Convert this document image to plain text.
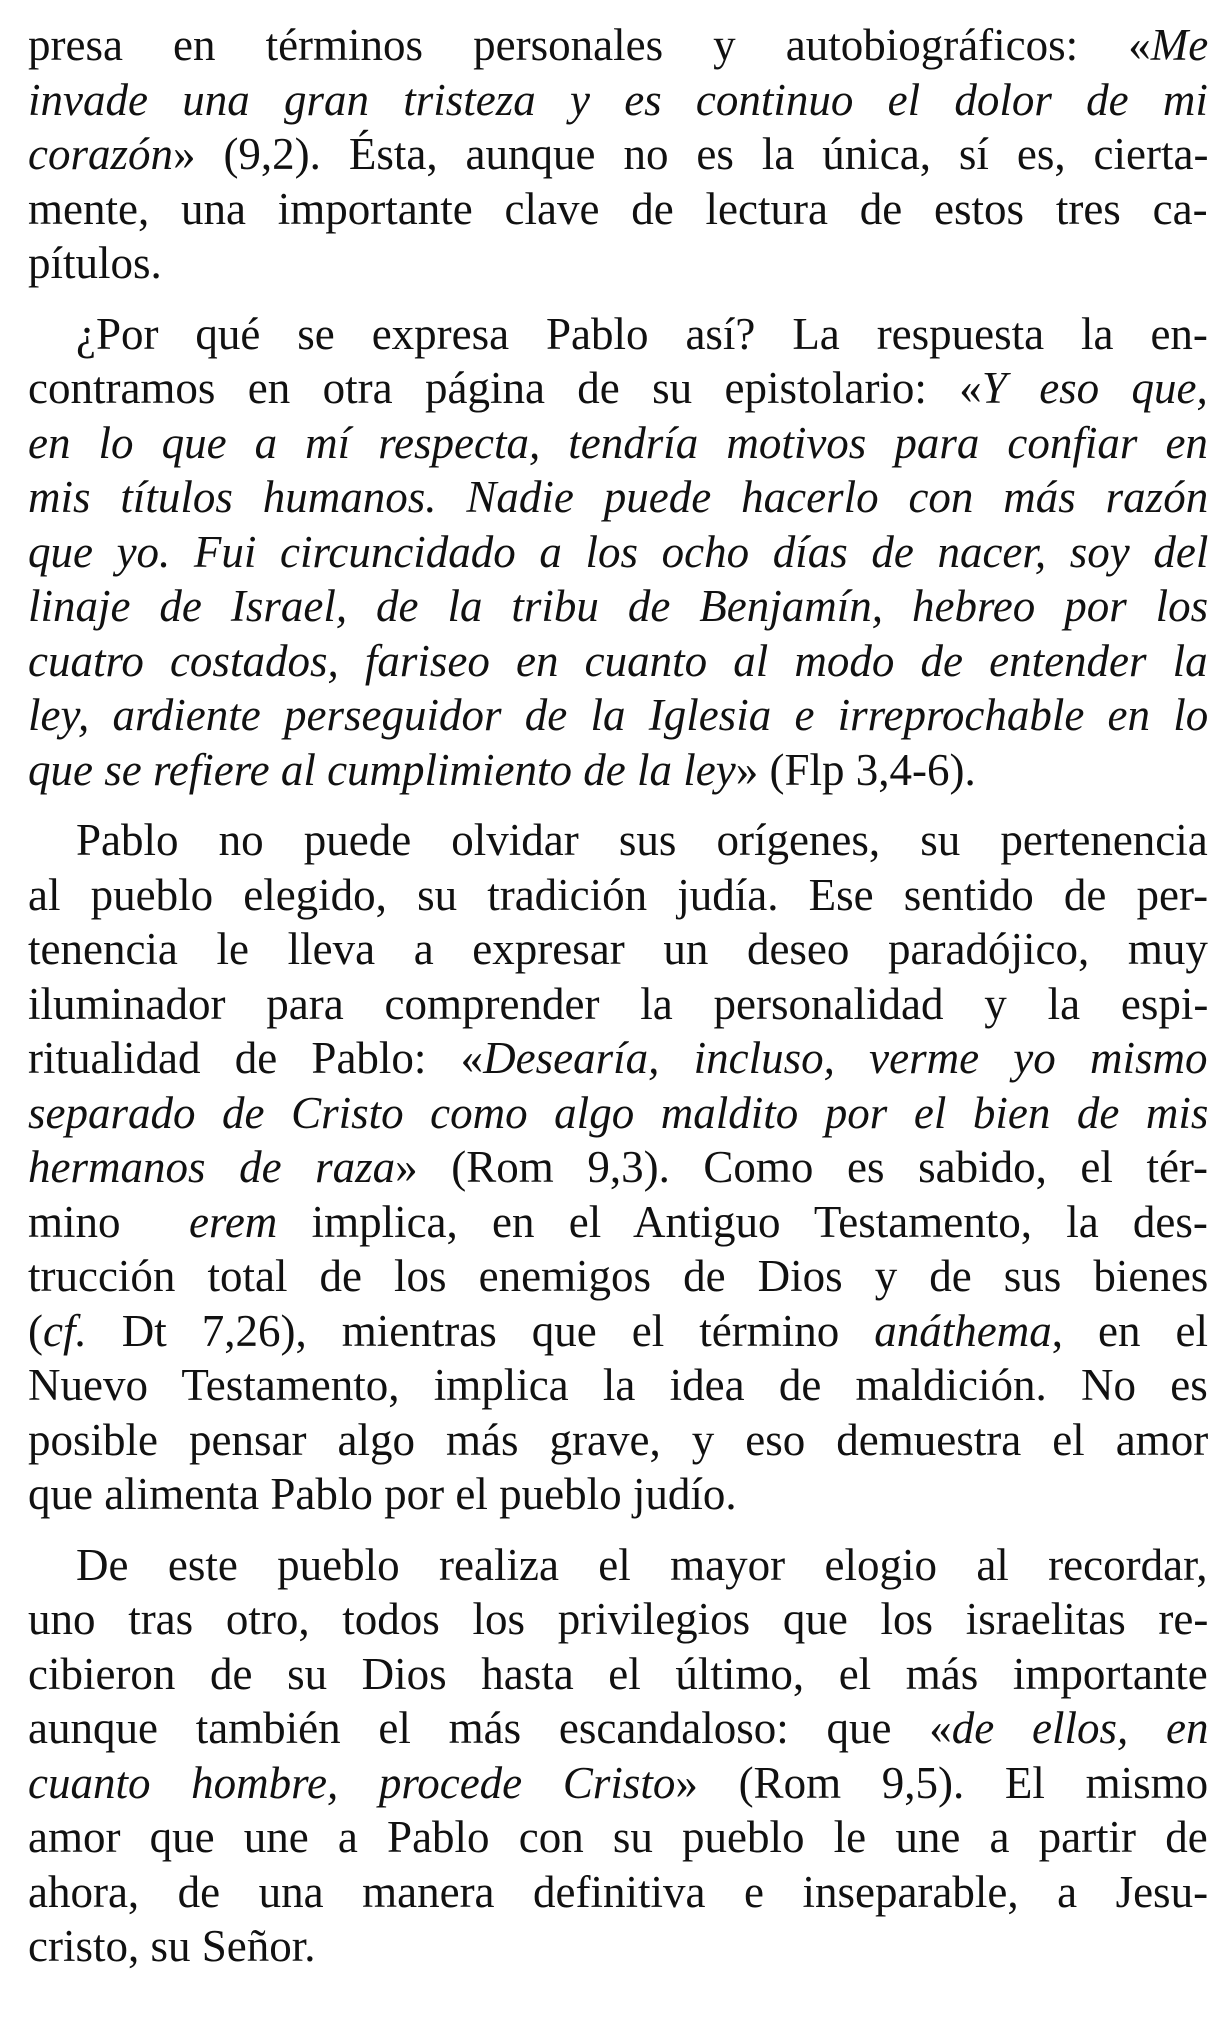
presa en términos personales y autobiográficos: «Me
invade una gran tristeza y es continuo el dolor de mi
corazón» (9,2). Ésta, aunque no es la única, sí es, cierta-
mente, una importante clave de lectura de estos tres ca-
pítulos.

¿Por qué se expresa Pablo así? La respuesta la en-
contramos en otra página de su epistolario: «Y eso que,
en lo que a mí respecta, tendría motivos para confiar en
mis títulos humanos. Nadie puede hacerlo con más razón
que yo. Fui circuncidado a los ocho días de nacer, soy del
linaje de Israel, de la tribu de Benjamín, hebreo por los
cuatro costados, fariseo en cuanto al modo de entender la
ley, ardiente perseguidor de la Iglesia e irreprochable en lo
que se refiere al cumplimiento de la ley» (Flp 3,4-6).

Pablo no puede olvidar sus orígenes, su pertenencia
al pueblo elegido, su tradición judía. Ese sentido de per-
tenencia le lleva a expresar un deseo paradójico, muy
iluminador para comprender la personalidad y la espi-
ritualidad de Pablo: «Desearía, incluso, verme yo mismo
separado de Cristo como algo maldito por el bien de mis
hermanos de raza» (Rom 9,3). Como es sabido, el tér-
mino  erem implica, en el Antiguo Testamento, la des-
trucción total de los enemigos de Dios y de sus bienes
(cf. Dt 7,26), mientras que el término anáthema, en el
Nuevo Testamento, implica la idea de maldición. No es
posible pensar algo más grave, y eso demuestra el amor
que alimenta Pablo por el pueblo judío.

De este pueblo realiza el mayor elogio al recordar,
uno tras otro, todos los privilegios que los israelitas re-
cibieron de su Dios hasta el último, el más importante
aunque también el más escandaloso: que «de ellos, en
cuanto hombre, procede Cristo» (Rom 9,5). El mismo
amor que une a Pablo con su pueblo le une a partir de
ahora, de una manera definitiva e inseparable, a Jesu-
cristo, su Señor.
